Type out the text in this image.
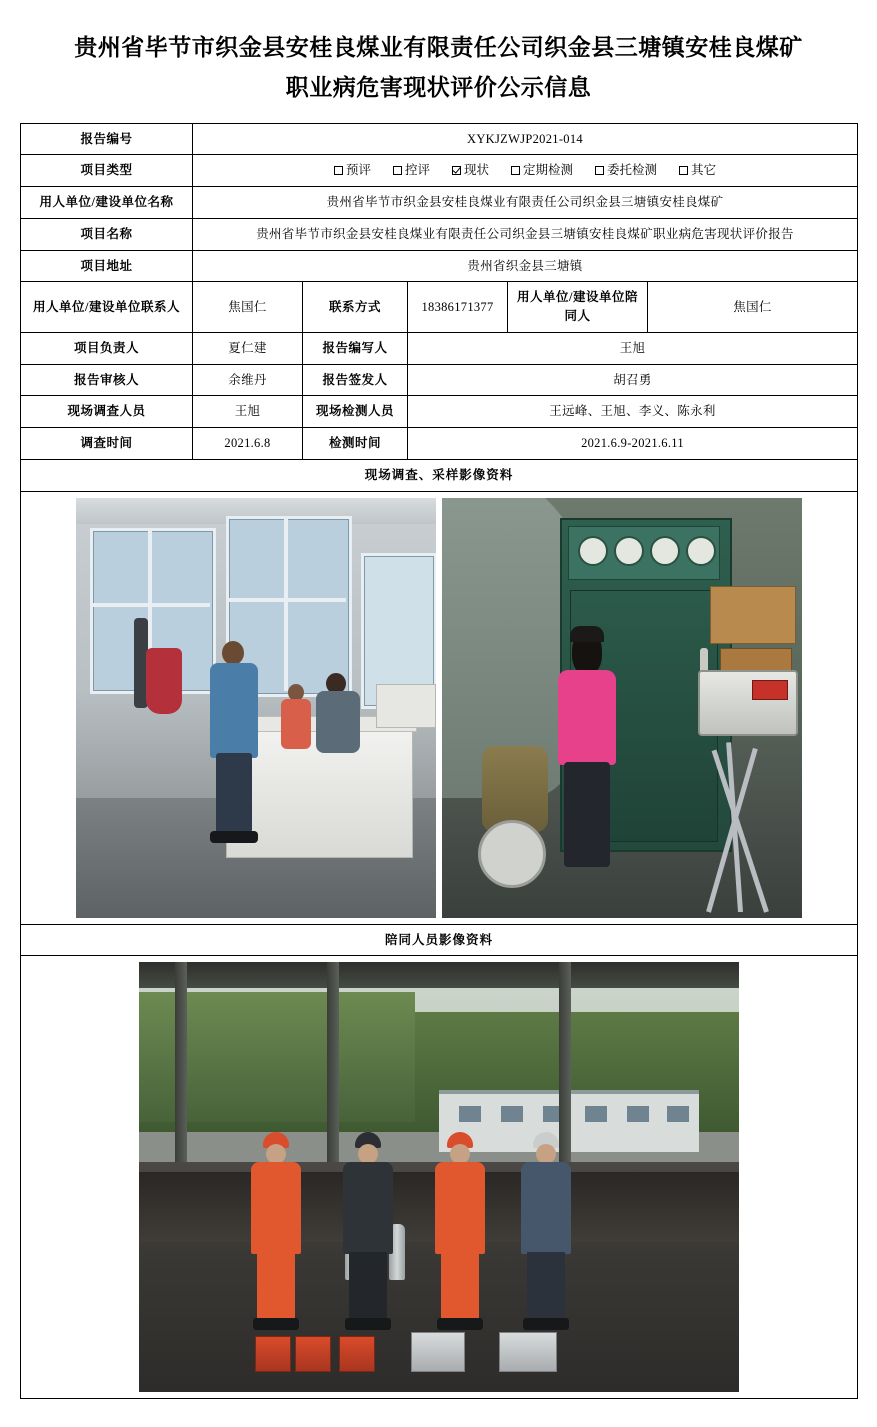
贵州省毕节市织金县安桂良煤业有限责任公司织金县三塘镇安桂良煤矿
职业病危害现状评价公示信息
报告编号	XYKJZWJP2021-014				
项目类型	预评	控评	现状	定期检测	委托检测	其它

用人单位/建设单位名称	贵州省毕节市织金县安桂良煤业有限责任公司织金县三塘镇安桂良煤矿				
项目名称	贵州省毕节市织金县安桂良煤业有限责任公司织金县三塘镇安桂良煤矿职业病危害现状评价报告				
项目地址	贵州省织金县三塘镇				
用人单位/建设单位联系人	焦国仁	联系方式	18386171377	用人单位/建设单位陪同人	焦国仁
项目负责人	夏仁建	报告编写人	王旭		
报告审核人	余维丹	报告签发人	胡召勇		
现场调查人员	王旭	现场检测人员	王远峰、王旭、李义、陈永利		
调查时间	2021.6.8	检测时间	2021.6.9-2021.6.11		
现场调查、采样影像资料					

陪同人员影像资料					
